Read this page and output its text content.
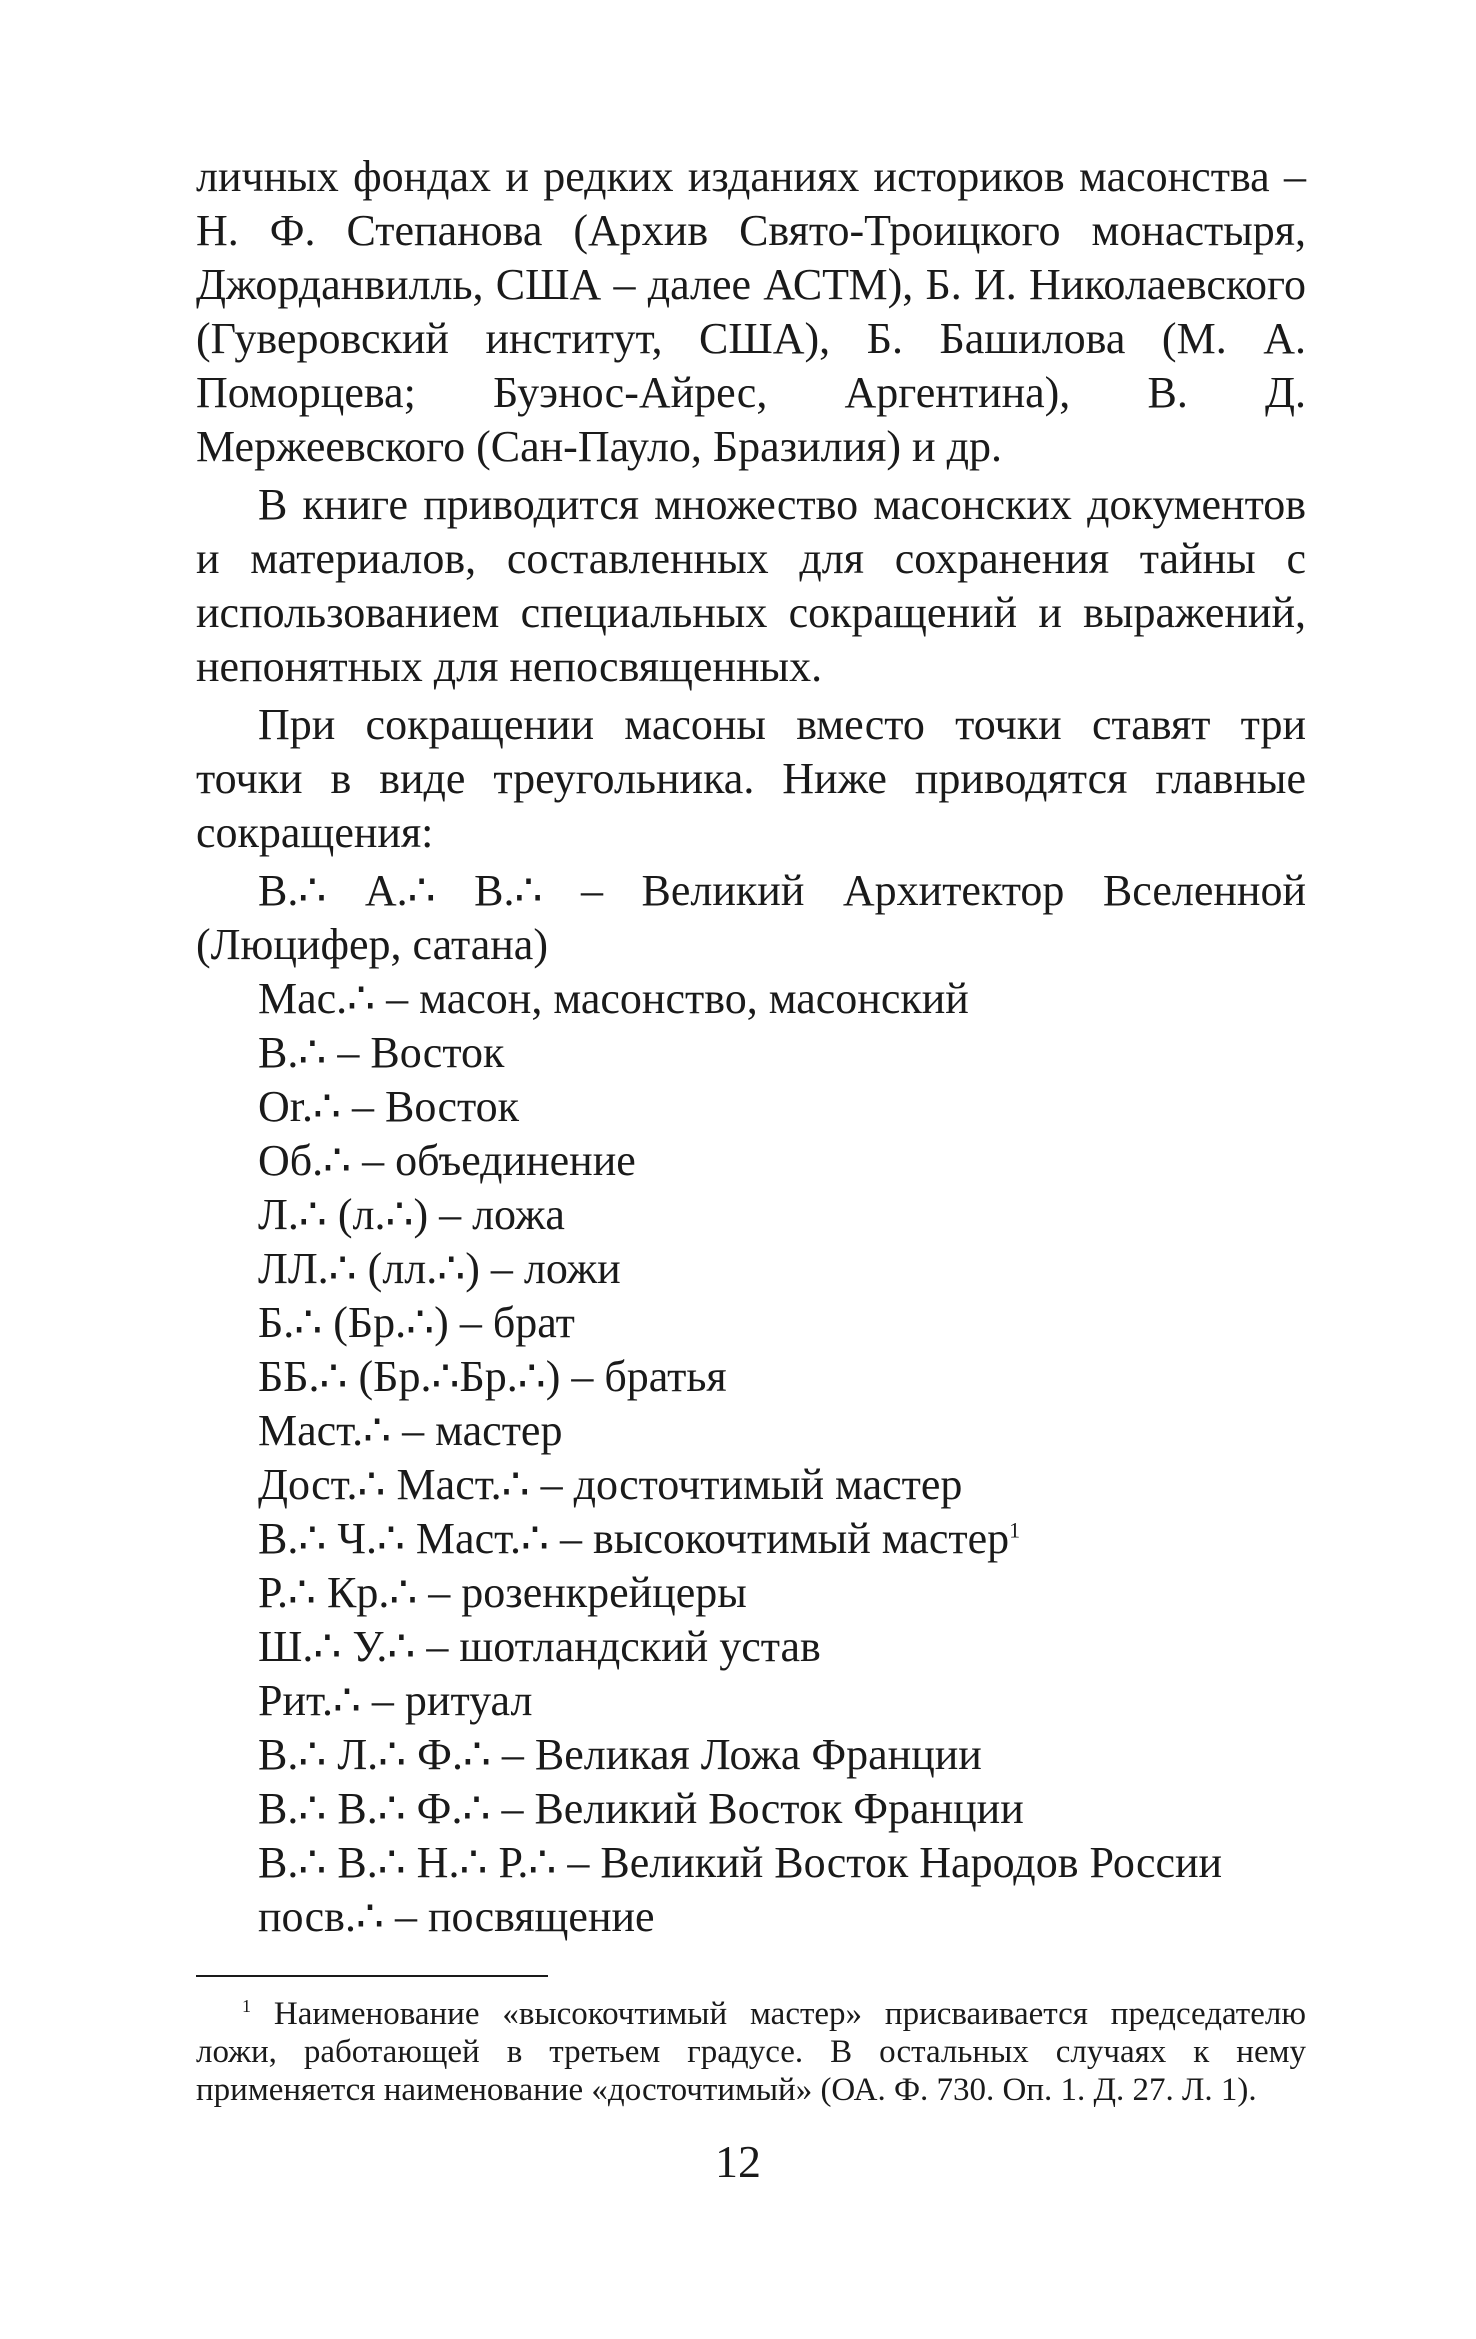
личных фондах и редких изданиях историков масонства – Н. Ф. Степанова (Архив Свято-Троицкого монастыря, Джорданвилль, США – далее АСТМ), Б. И. Николаевского (Гуверовский институт, США), Б. Башилова (М. А. Поморцева; Буэнос-Айрес, Аргентина), В. Д. Мержеевского (Сан-Пауло, Бразилия) и др.

В книге приводится множество масонских документов и материалов, составленных для сохранения тайны с использованием специальных сокращений и выражений, непонятных для непосвященных.

При сокращении масоны вместо точки ставят три точки в виде треугольника. Ниже приводятся главные сокращения:

В.∴ А.∴ В.∴ – Великий Архитектор Вселенной (Люцифер, сатана)
Мас.∴ – масон, масонство, масонский
В.∴ – Восток
Or.∴ – Восток
Об.∴ – объединение
Л.∴ (л.∴) – ложа
ЛЛ.∴ (лл.∴) – ложи
Б.∴ (Бр.∴) – брат
ББ.∴ (Бр.∴Бр.∴) – братья
Маст.∴ – мастер
Дост.∴ Маст.∴ – досточтимый мастер
В.∴ Ч.∴ Маст.∴ – высокочтимый мастер$^1$
Р.∴ Кр.∴ – розенкрейцеры
Ш.∴ У.∴ – шотландский устав
Рит.∴ – ритуал
В.∴ Л.∴ Ф.∴ – Великая Ложа Франции
В.∴ В.∴ Ф.∴ – Великий Восток Франции
В.∴ В.∴ Н.∴ Р.∴ – Великий Восток Народов России
посв.∴ – посвящение
$^1$ Наименование «высокочтимый мастер» присваивается председателю ложи, работающей в третьем градусе. В остальных случаях к нему применяется наименование «досточтимый» (ОА. Ф. 730. Оп. 1. Д. 27. Л. 1).
12
